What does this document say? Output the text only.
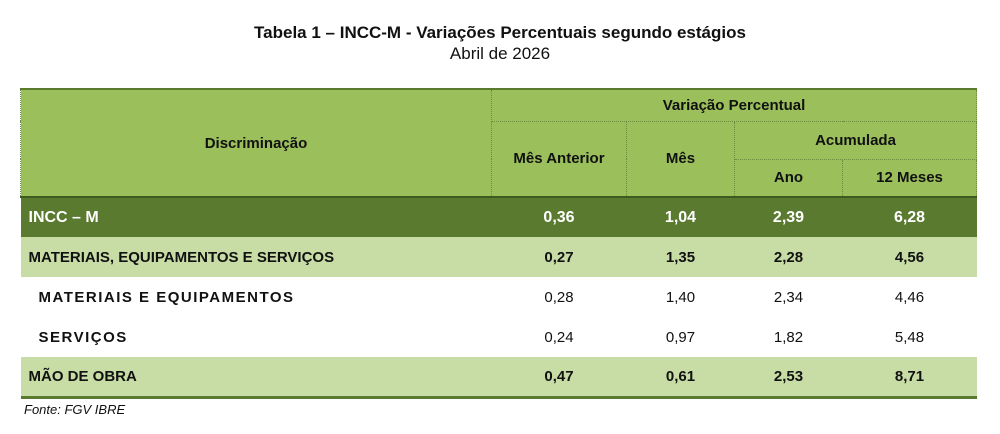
Tabela 1 – INCC-M - Variações Percentuais segundo estágios
Abril de 2026
Discriminação	Variação Percentual			
	Mês Anterior	Mês	Acumulada	
			Ano	12 Meses
INCC – M	0,36	1,04	2,39	6,28
MATERIAIS, EQUIPAMENTOS E SERVIÇOS	0,27	1,35	2,28	4,56
MATERIAIS E EQUIPAMENTOS	0,28	1,40	2,34	4,46
SERVIÇOS	0,24	0,97	1,82	5,48
MÃO DE OBRA	0,47	0,61	2,53	8,71
Fonte: FGV IBRE
